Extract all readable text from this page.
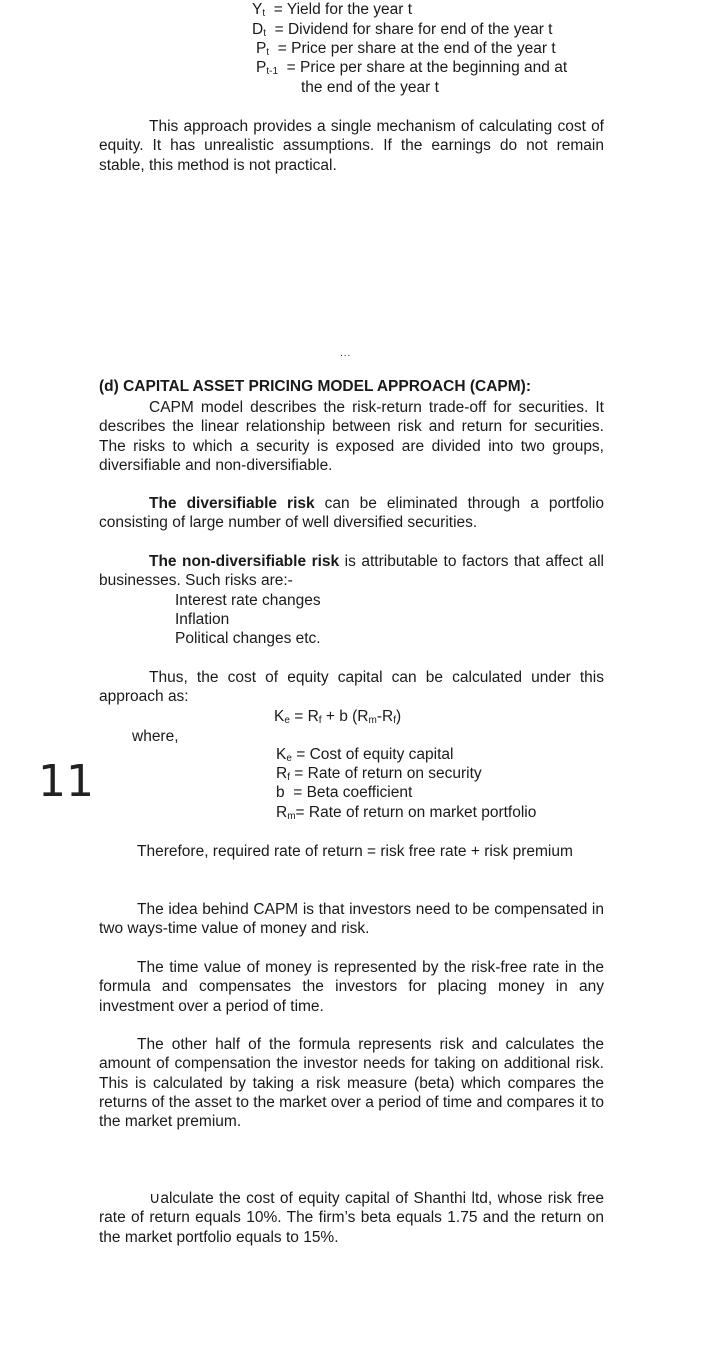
$Y_t$ = Yield for the year t
$D_t$ = Dividend for share for end of the year t
$P_t$ = Price per share at the end of the year t
$P_{t-1}$ = Price per share at the beginning and at
the end of the year t
This approach provides a single mechanism of calculating cost of equity. It has unrealistic assumptions. If the earnings do not remain stable, this method is not practical.
...
(d) CAPITAL ASSET PRICING MODEL APPROACH (CAPM):
CAPM model describes the risk-return trade-off for securities. It describes the linear relationship between risk and return for securities. The risks to which a security is exposed are divided into two groups, diversifiable and non-diversifiable.
The diversifiable risk can be eliminated through a portfolio consisting of large number of well diversified securities.
The non-diversifiable risk is attributable to factors that affect all businesses. Such risks are:-
Interest rate changes
Inflation
Political changes etc.
Thus, the cost of equity capital can be calculated under this approach as:
$K_e = R_f + b$ $(R_m-R_f)$
where,
$K_e$ = Cost of equity capital
$R_f$ = Rate of return on security
b  = Beta coefficient
$R_m=$ Rate of return on market portfolio
11
Therefore, required rate of return = risk free rate + risk premium
The idea behind CAPM is that investors need to be compensated in two ways-time value of money and risk.
The time value of money is represented by the risk-free rate in the formula and compensates the investors for placing money in any investment over a period of time.
The other half of the formula represents risk and calculates the amount of compensation the investor needs for taking on additional risk. This is calculated by taking a risk measure (beta) which compares the returns of the asset to the market over a period of time and compares it to the market premium.
∪alculate the cost of equity capital of Shanthi ltd, whose risk free rate of return equals 10%. The firm’s beta equals 1.75 and the return on the market portfolio equals to 15%.
